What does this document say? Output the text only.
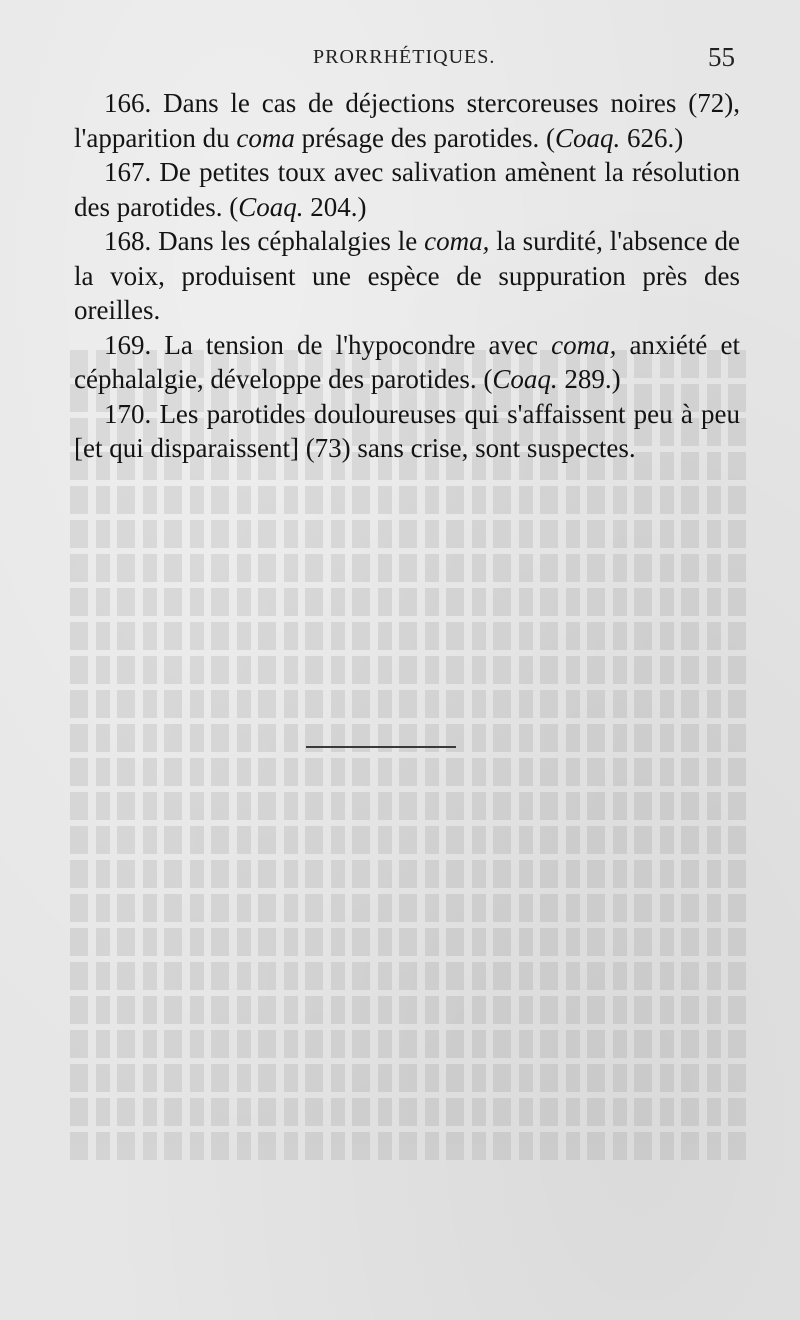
PRORRHÉTIQUES.	55

166. Dans le cas de déjections stercoreuses noires (72), l'apparition du coma présage des parotides. (Coaq. 626.)

167. De petites toux avec salivation amènent la résolution des parotides. (Coaq. 204.)

168. Dans les céphalalgies le coma, la surdité, l'absence de la voix, produisent une espèce de suppuration près des oreilles.

169. La tension de l'hypocondre avec coma, anxiété et céphalalgie, développe des parotides. (Coaq. 289.)

170. Les parotides douloureuses qui s'affaissent peu à peu [et qui disparaissent] (73) sans crise, sont suspectes.
